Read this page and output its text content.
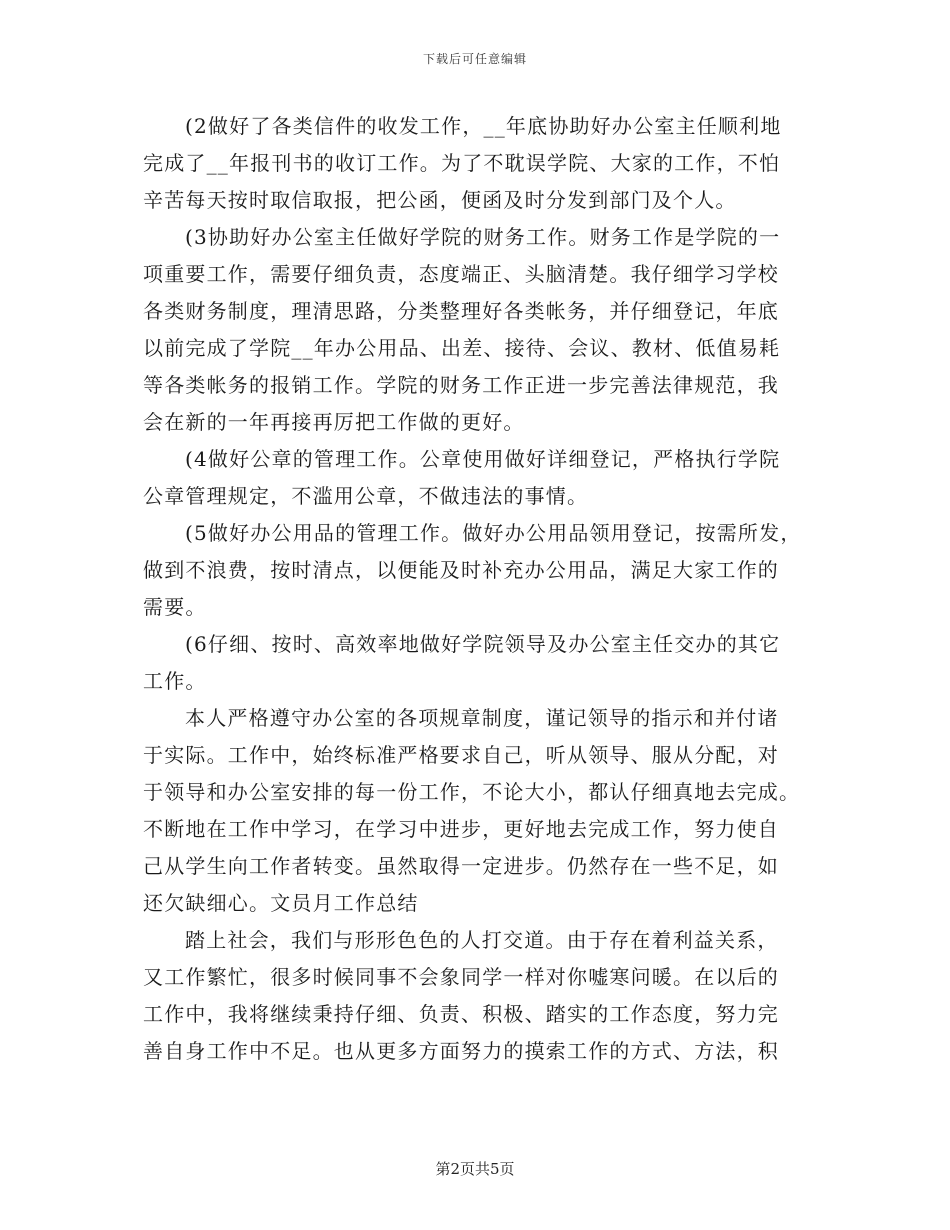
下载后可任意编辑
(2做好了各类信件的收发工作，__年底协助好办公室主任顺利地
完成了__年报刊书的收订工作。为了不耽误学院、大家的工作，不怕
辛苦每天按时取信取报，把公函，便函及时分发到部门及个人。
(3协助好办公室主任做好学院的财务工作。财务工作是学院的一
项重要工作，需要仔细负责，态度端正、头脑清楚。我仔细学习学校
各类财务制度，理清思路，分类整理好各类帐务，并仔细登记，年底
以前完成了学院__年办公用品、出差、接待、会议、教材、低值易耗
等各类帐务的报销工作。学院的财务工作正进一步完善法律规范，我
会在新的一年再接再厉把工作做的更好。
(4做好公章的管理工作。公章使用做好详细登记，严格执行学院
公章管理规定，不滥用公章，不做违法的事情。
(5做好办公用品的管理工作。做好办公用品领用登记，按需所发，
做到不浪费，按时清点，以便能及时补充办公用品，满足大家工作的
需要。
(6仔细、按时、高效率地做好学院领导及办公室主任交办的其它
工作。
本人严格遵守办公室的各项规章制度，谨记领导的指示和并付诸
于实际。工作中，始终标准严格要求自己，听从领导、服从分配，对
于领导和办公室安排的每一份工作，不论大小，都认仔细真地去完成。
不断地在工作中学习，在学习中进步，更好地去完成工作，努力使自
己从学生向工作者转变。虽然取得一定进步。仍然存在一些不足，如
还欠缺细心。文员月工作总结
踏上社会，我们与形形色色的人打交道。由于存在着利益关系，
又工作繁忙，很多时候同事不会象同学一样对你嘘寒问暖。在以后的
工作中，我将继续秉持仔细、负责、积极、踏实的工作态度，努力完
善自身工作中不足。也从更多方面努力的摸索工作的方式、方法，积
第2页共5页
